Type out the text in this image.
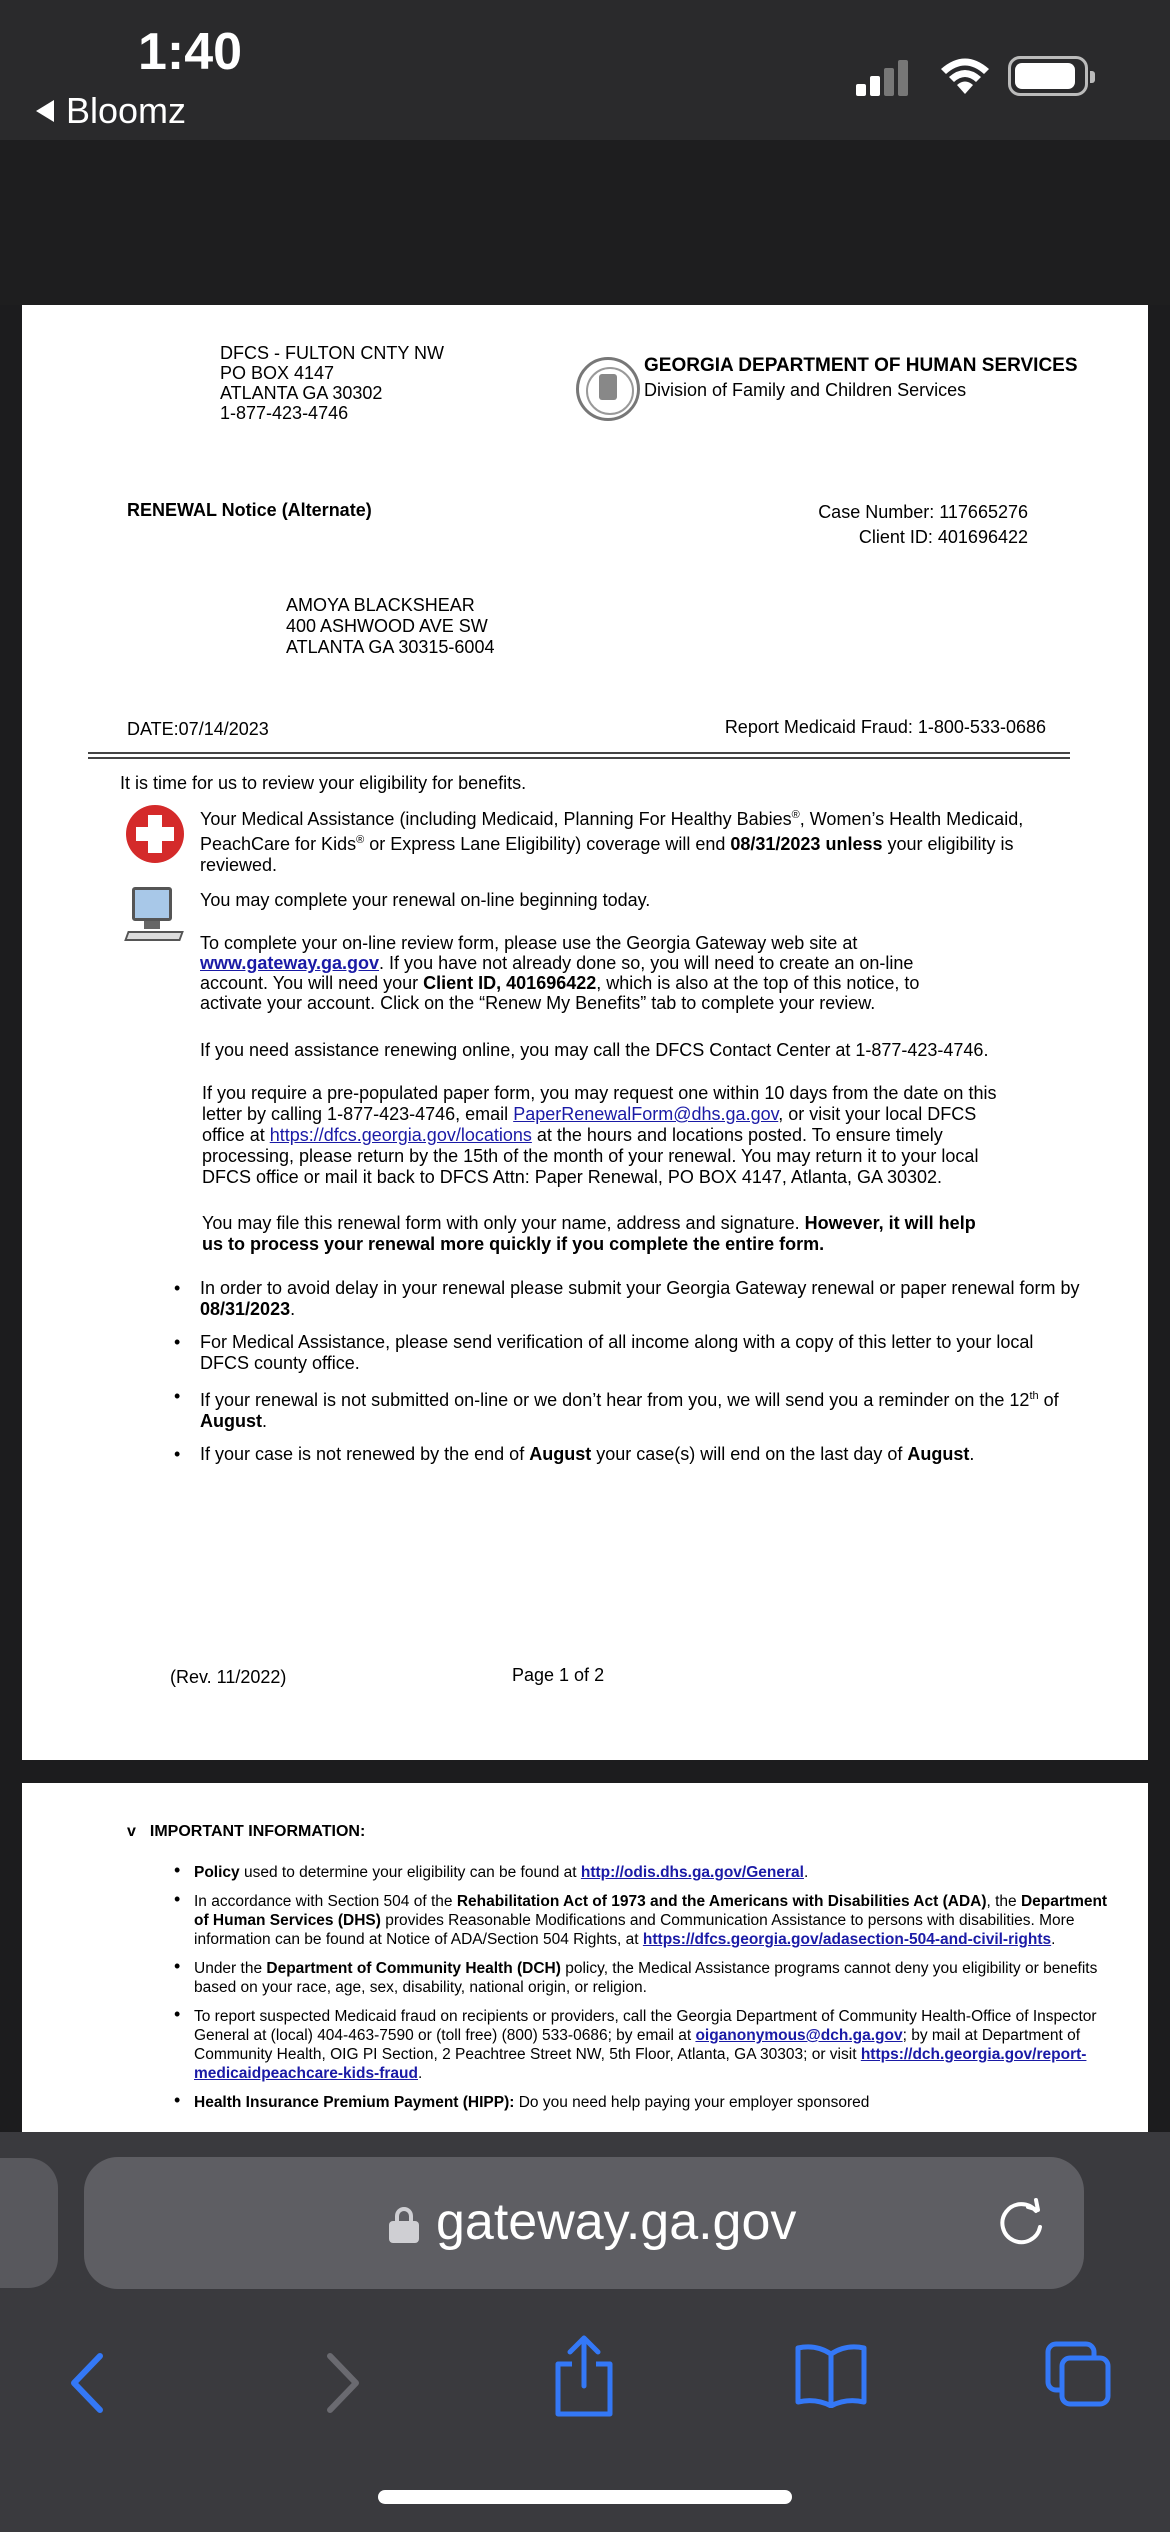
1:40
Bloomz
DFCS - FULTON CNTY NW
PO BOX 4147
ATLANTA GA 30302
1-877-423-4746
GEORGIA DEPARTMENT OF HUMAN SERVICES
Division of Family and Children Services
RENEWAL Notice (Alternate)	Case Number: 117665276
Client ID: 401696422
AMOYA BLACKSHEAR
400 ASHWOOD AVE SW
ATLANTA GA 30315-6004
DATE:07/14/2023	Report Medicaid Fraud: 1-800-533-0686
It is time for us to review your eligibility for benefits.
Your Medical Assistance (including Medicaid, Planning For Healthy Babies®, Women’s Health Medicaid,
PeachCare for Kids® or Express Lane Eligibility) coverage will end 08/31/2023 unless your eligibility is
reviewed.
You may complete your renewal on-line beginning today.
To complete your on-line review form, please use the Georgia Gateway web site at
www.gateway.ga.gov. If you have not already done so, you will need to create an on-line
account. You will need your Client ID, 401696422, which is also at the top of this notice, to
activate your account. Click on the “Renew My Benefits” tab to complete your review.
If you need assistance renewing online, you may call the DFCS Contact Center at 1-877-423-4746.
If you require a pre-populated paper form, you may request one within 10 days from the date on this
letter by calling 1-877-423-4746, email PaperRenewalForm@dhs.ga.gov, or visit your local DFCS
office at https://dfcs.georgia.gov/locations at the hours and locations posted. To ensure timely
processing, please return by the 15th of the month of your renewal. You may return it to your local
DFCS office or mail it back to DFCS Attn: Paper Renewal, PO BOX 4147, Atlanta, GA 30302.
You may file this renewal form with only your name, address and signature. However, it will help
us to process your renewal more quickly if you complete the entire form.
• In order to avoid delay in your renewal please submit your Georgia Gateway renewal or paper renewal form by 08/31/2023.
• For Medical Assistance, please send verification of all income along with a copy of this letter to your local DFCS county office.
• If your renewal is not submitted on-line or we don’t hear from you, we will send you a reminder on the 12th of August.
• If your case is not renewed by the end of August your case(s) will end on the last day of August.
(Rev. 11/2022)	Page 1 of 2
v IMPORTANT INFORMATION:
• Policy used to determine your eligibility can be found at http://odis.dhs.ga.gov/General.
• In accordance with Section 504 of the Rehabilitation Act of 1973 and the Americans with Disabilities Act (ADA), the Department of Human Services (DHS) provides Reasonable Modifications and Communication Assistance to persons with disabilities. More information can be found at Notice of ADA/Section 504 Rights, at https://dfcs.georgia.gov/adasection-504-and-civil-rights.
• Under the Department of Community Health (DCH) policy, the Medical Assistance programs cannot deny you eligibility or benefits based on your race, age, sex, disability, national origin, or religion.
• To report suspected Medicaid fraud on recipients or providers, call the Georgia Department of Community Health-Office of Inspector General at (local) 404-463-7590 or (toll free) (800) 533-0686; by email at oiganonymous@dch.ga.gov; by mail at Department of Community Health, OIG PI Section, 2 Peachtree Street NW, 5th Floor, Atlanta, GA 30303; or visit https://dch.georgia.gov/report-medicaidpeachcare-kids-fraud.
• Health Insurance Premium Payment (HIPP): Do you need help paying your employer sponsored
gateway.ga.gov
